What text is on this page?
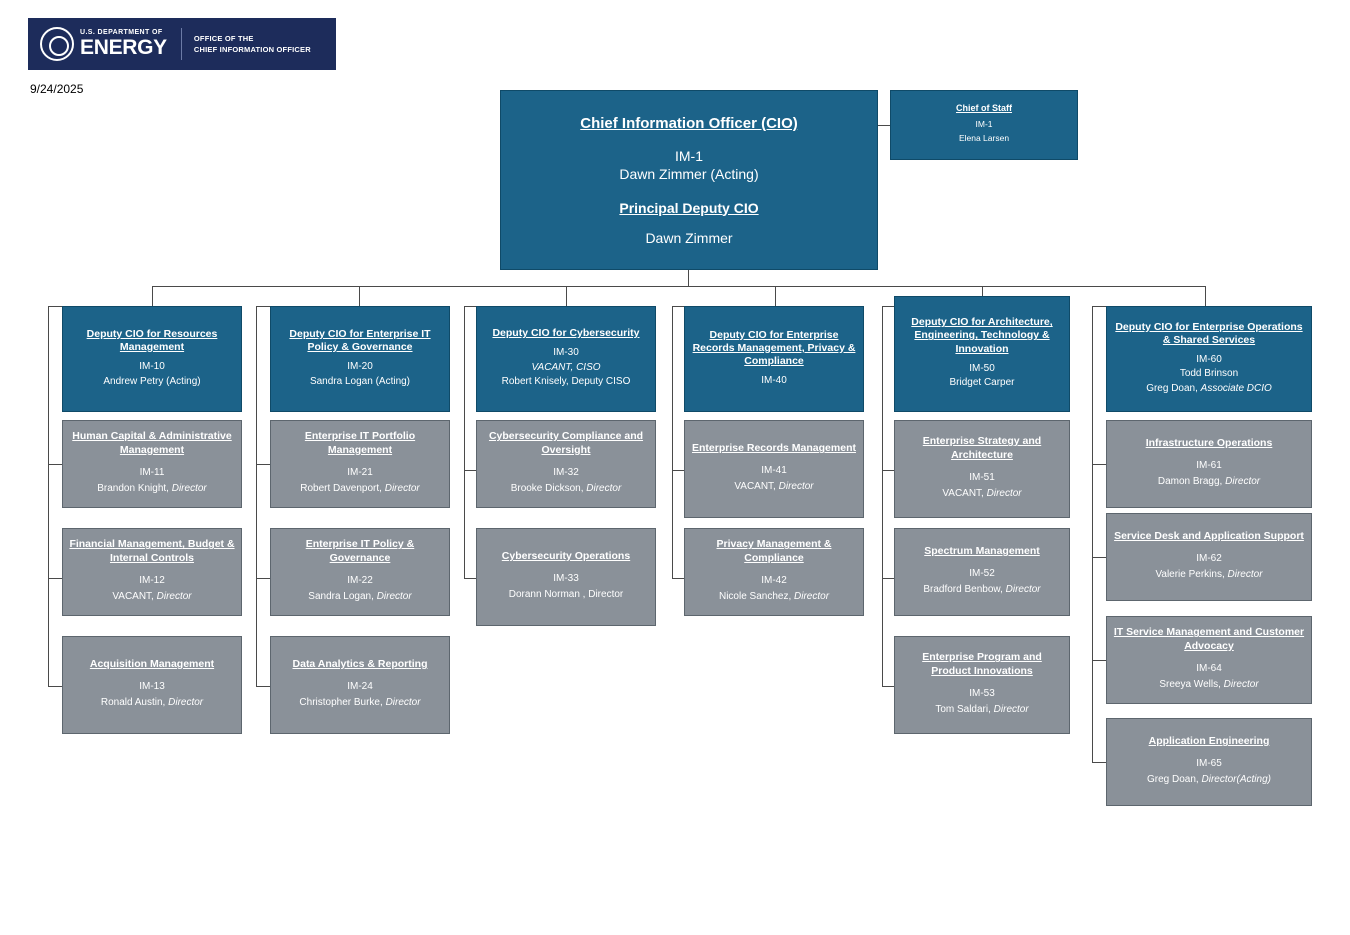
U.S. DEPARTMENT OF
ENERGY	OFFICE OF THE
CHIEF INFORMATION OFFICER
9/24/2025
Chief Information Officer (CIO)
IM-1
Dawn Zimmer (Acting)
Principal Deputy CIO
Dawn Zimmer
Chief of Staff
IM-1
Elena Larsen
Deputy CIO for Resources Management
IM-10
Andrew Petry (Acting)
Human Capital & Administrative Management
IM-11
Brandon Knight, Director
Financial Management, Budget & Internal Controls
IM-12
VACANT, Director
Acquisition Management
IM-13
Ronald Austin, Director
Deputy CIO for Enterprise IT Policy & Governance
IM-20
Sandra Logan (Acting)
Enterprise IT Portfolio Management
IM-21
Robert Davenport, Director
Enterprise IT Policy & Governance
IM-22
Sandra Logan, Director
Data Analytics & Reporting
IM-24
Christopher Burke, Director
Deputy CIO for Cybersecurity
IM-30
VACANT, CISO
Robert Knisely, Deputy CISO
Cybersecurity Compliance and Oversight
IM-32
Brooke Dickson, Director
Cybersecurity Operations
IM-33
Dorann Norman , Director
Deputy CIO for Enterprise Records Management, Privacy & Compliance
IM-40
Enterprise Records Management
IM-41
VACANT, Director
Privacy Management & Compliance
IM-42
Nicole Sanchez, Director
Deputy CIO for Architecture, Engineering, Technology & Innovation
IM-50
Bridget Carper
Enterprise Strategy and Architecture
IM-51
VACANT, Director
Spectrum Management
IM-52
Bradford Benbow, Director
Enterprise Program and Product Innovations
IM-53
Tom Saldari, Director
Deputy CIO for Enterprise Operations & Shared Services
IM-60
Todd Brinson
Greg Doan, Associate DCIO
Infrastructure Operations
IM-61
Damon Bragg, Director
Service Desk and Application Support
IM-62
Valerie Perkins, Director
IT Service Management and Customer Advocacy
IM-64
Sreeya Wells, Director
Application Engineering
IM-65
Greg Doan, Director(Acting)
